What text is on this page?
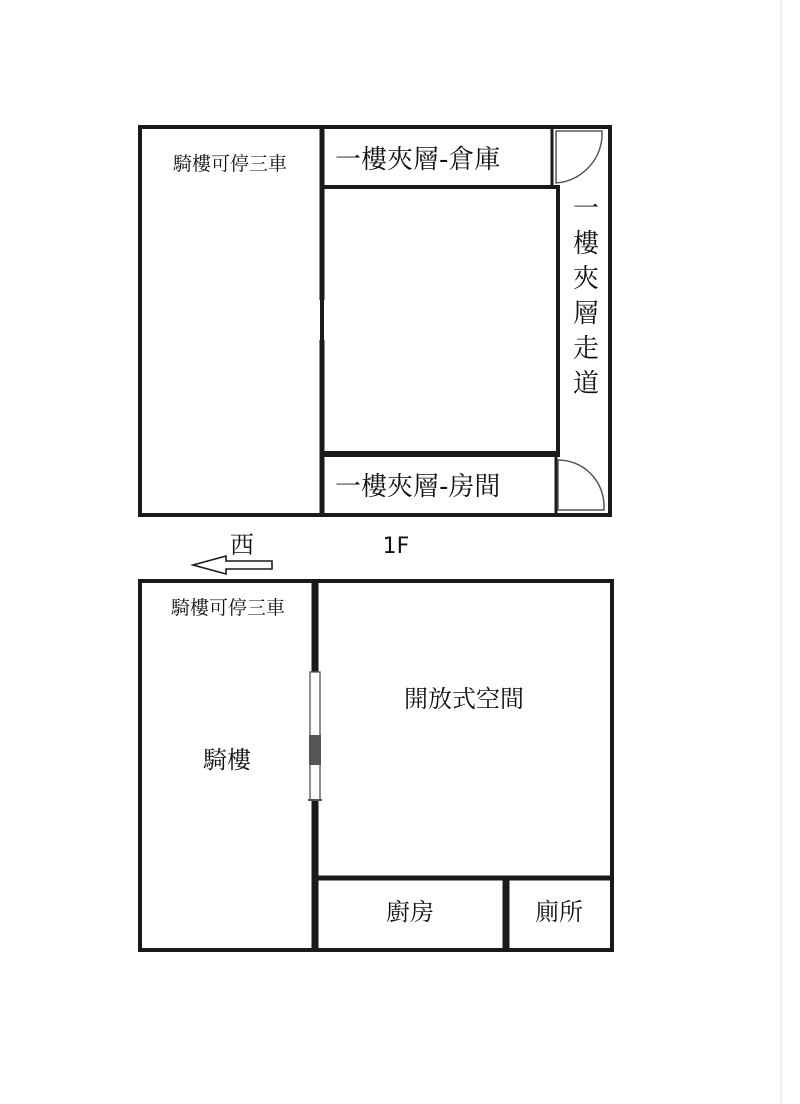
騎樓可停三車 一樓夾層-倉庫
一
樓
夾
層
走
道
一樓夾層-房間
西	1F
騎樓可停三車
騎樓
開放式空間
廚房	廁所
